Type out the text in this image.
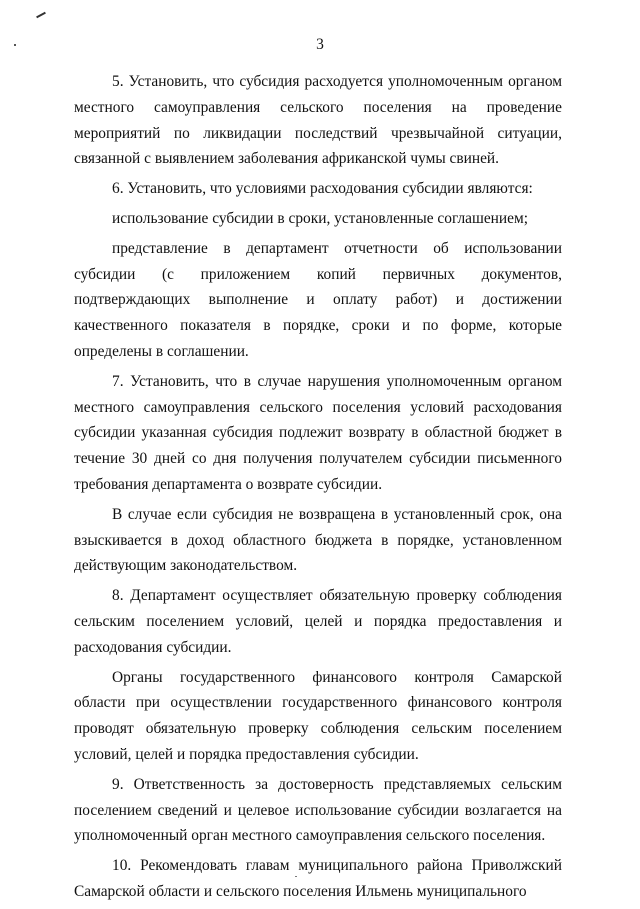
3

5. Установить, что субсидия расходуется уполномоченным органом местного самоуправления сельского поселения на проведение мероприятий по ликвидации последствий чрезвычайной ситуации, связанной с выявлением заболевания африканской чумы свиней.

6. Установить, что условиями расходования субсидии являются:

использование субсидии в сроки, установленные соглашением;

представление в департамент отчетности об использовании субсидии (с приложением копий первичных документов, подтверждающих выполнение и оплату работ) и достижении качественного показателя в порядке, сроки и по форме, которые определены в соглашении.

7. Установить, что в случае нарушения уполномоченным органом местного самоуправления сельского поселения условий расходования субсидии указанная субсидия подлежит возврату в областной бюджет в течение 30 дней со дня получения получателем субсидии письменного требования департамента о возврате субсидии.

В случае если субсидия не возвращена в установленный срок, она взыскивается в доход областного бюджета в порядке, установленном действующим законодательством.

8. Департамент осуществляет обязательную проверку соблюдения сельским поселением условий, целей и порядка предоставления и расходования субсидии.

Органы государственного финансового контроля Самарской области при осуществлении государственного финансового контроля проводят обязательную проверку соблюдения сельским поселением условий, целей и порядка предоставления субсидии.

9. Ответственность за достоверность представляемых сельским поселением сведений и целевое использование субсидии возлагается на уполномоченный орган местного самоуправления сельского поселения.

10. Рекомендовать главам муниципального района Приволжский Самарской области и сельского поселения Ильмень муниципального
